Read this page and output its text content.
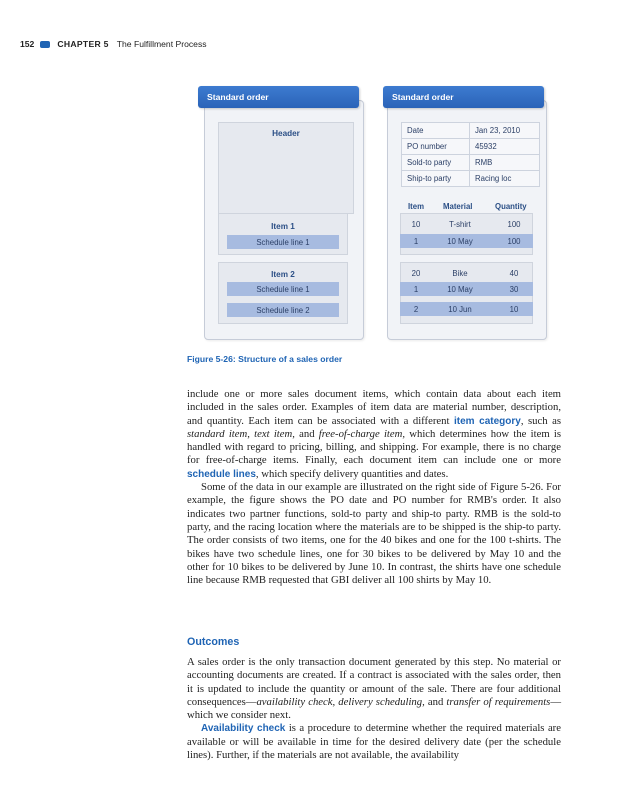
152	CHAPTER 5 The Fulfillment Process
Standard order
Header
Item 1
Schedule line 1
Item 2
Schedule line 1
Schedule line 2
Standard order
Date	Jan 23, 2010
PO number	45932
Sold-to party	RMB
Ship-to party	Racing loc
Item Material	Quantity
10	T-shirt	100
1	10 May	100
20	Bike	40
1	10 May	30
2	10 Jun	10
Figure 5-26: Structure of a sales order

include one or more sales document items, which contain data about each item included in the sales order. Examples of item data are material number, description, and quantity. Each item can be associated with a different item category, such as standard item, text item, and free-of-charge item, which determines how the item is handled with regard to pricing, billing, and shipping. For example, there is no charge for free-of-charge items. Finally, each document item can include one or more schedule lines, which specify delivery quantities and dates.

Some of the data in our example are illustrated on the right side of Figure 5-26. For example, the figure shows the PO date and PO number for RMB's order. It also indicates two partner functions, sold-to party and ship-to party. RMB is the sold-to party, and the racing location where the materials are to be shipped is the ship-to party. The order consists of two items, one for the 40 bikes and one for the 100 t-shirts. The bikes have two schedule lines, one for 30 bikes to be delivered by May 10 and the other for 10 bikes to be delivered by June 10. In contrast, the shirts have one schedule line because RMB requested that GBI deliver all 100 shirts by May 10.

Outcomes

A sales order is the only transaction document generated by this step. No material or accounting documents are created. If a contract is associated with the sales order, then it is updated to include the quantity or amount of the sale. There are four additional consequences—availability check, delivery scheduling, and transfer of requirements—which we consider next.

Availability check is a procedure to determine whether the required materials are available or will be available in time for the desired delivery date (per the schedule lines). Further, if the materials are not available, the availability
